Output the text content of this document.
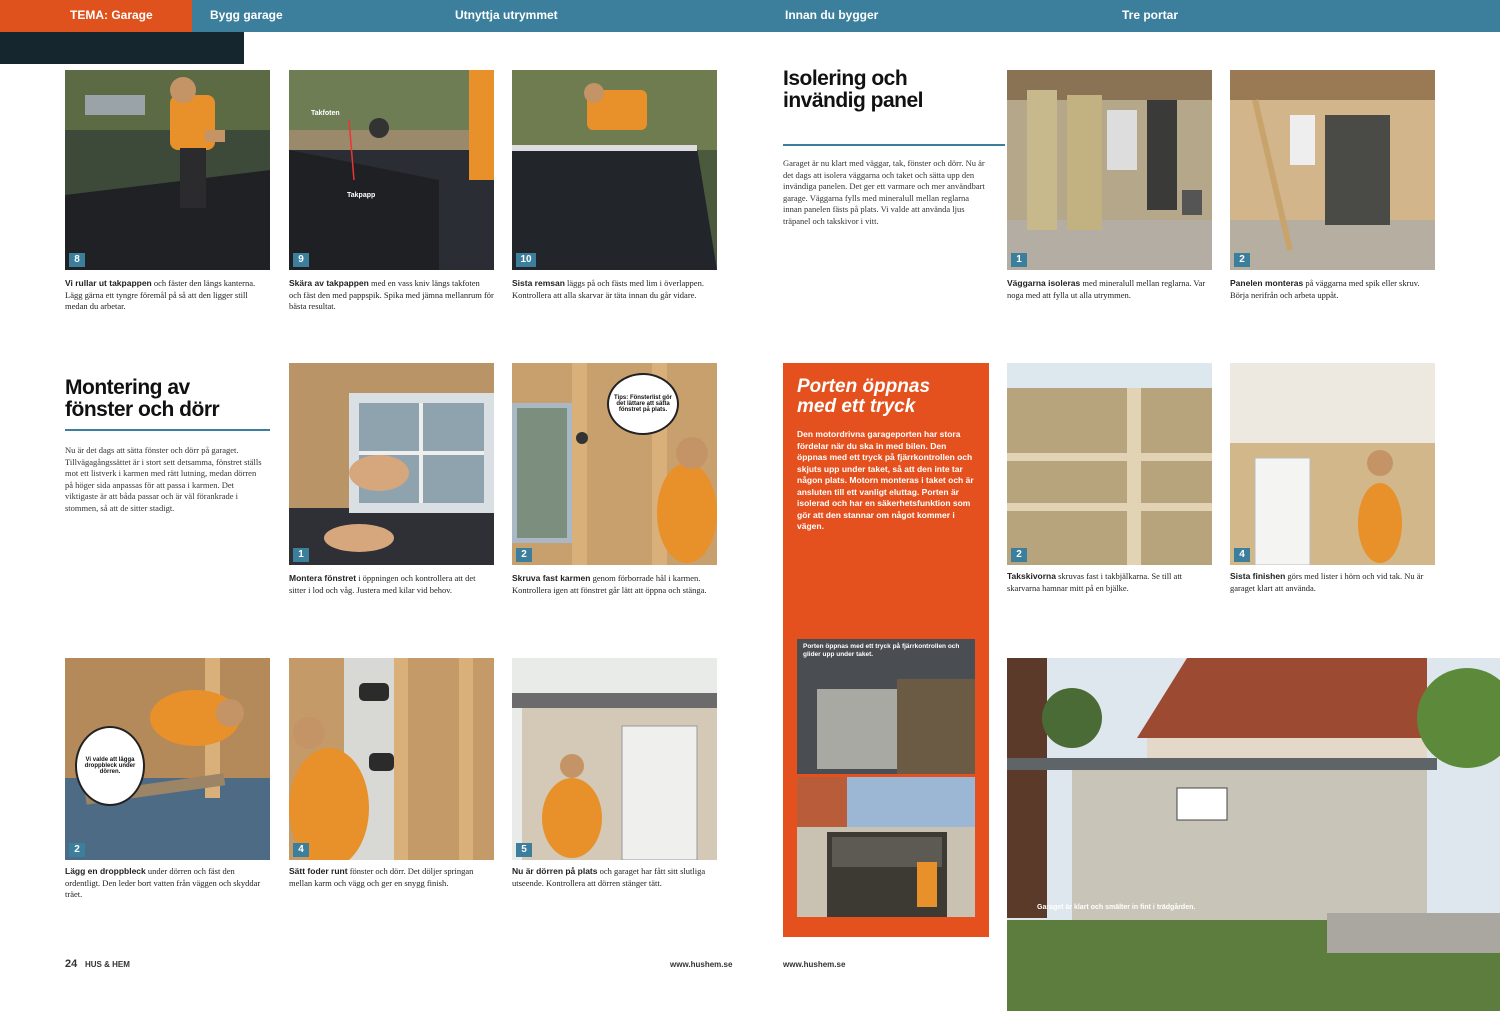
TEMA: Garage	Bygg garage	Utnyttja utrymmet	Innan du bygger	Tre portar
8
Takfoten
Takpapp
9	10
Vi rullar ut takpappen och fäster den längs kanterna. Lägg gärna ett tyngre föremål på så att den ligger still medan du arbetar.
Skära av takpappen med en vass kniv längs takfoten och fäst den med pappspik. Spika med jämna mellanrum för bästa resultat.
Sista remsan läggs på och fästs med lim i överlappen. Kontrollera att alla skarvar är täta innan du går vidare.
Montering av
fönster och dörr
Nu är det dags att sätta fönster och dörr på garaget. Tillvägagångssättet är i stort sett detsamma, fönstret ställs mot ett listverk i karmen med rätt lutning, medan dörren på höger sida anpassas för att passa i karmen. Det viktigaste är att båda passar och är väl förankrade i stommen, så att de sitter stadigt.
1
Tips: Fönsterlist gör det lättare att sätta fönstret på plats.
2
Montera fönstret i öppningen och kontrollera att det sitter i lod och våg. Justera med kilar vid behov.
Skruva fast karmen genom förborrade hål i karmen. Kontrollera igen att fönstret går lätt att öppna och stänga.
Vi valde att lägga droppbleck under dörren.
2	4	5
Lägg en droppbleck under dörren och fäst den ordentligt. Den leder bort vatten från väggen och skyddar träet.
Sätt foder runt fönster och dörr. Det döljer springan mellan karm och vägg och ger en snygg finish.
Nu är dörren på plats och garaget har fått sitt slutliga utseende. Kontrollera att dörren stänger tätt.
24 HUS & HEM	www.hushem.se
Isolering och
invändig panel
Garaget är nu klart med väggar, tak, fönster och dörr. Nu är det dags att isolera väggarna och taket och sätta upp den invändiga panelen. Det ger ett varmare och mer användbart garage. Väggarna fylls med mineralull mellan reglarna innan panelen fästs på plats. Vi valde att använda ljus träpanel och takskivor i vitt.
1	2
Väggarna isoleras med mineralull mellan reglarna. Var noga med att fylla ut alla utrymmen.
Panelen monteras på väggarna med spik eller skruv. Börja nerifrån och arbeta uppåt.
Porten öppnas
med ett tryck
Den motordrivna garageporten har stora fördelar när du ska in med bilen. Den öppnas med ett tryck på fjärrkontrollen och skjuts upp under taket, så att den inte tar någon plats. Motorn monteras i taket och är ansluten till ett vanligt eluttag. Porten är isolerad och har en säkerhetsfunktion som gör att den stannar om något kommer i vägen.
Porten öppnas med ett tryck på fjärrkontrollen och glider upp under taket.
2	4
Takskivorna skruvas fast i takbjälkarna. Se till att skarvarna hamnar mitt på en bjälke.
Sista finishen görs med lister i hörn och vid tak. Nu är garaget klart att använda.
Garaget är klart och smälter in fint i trädgården.
www.hushem.se
